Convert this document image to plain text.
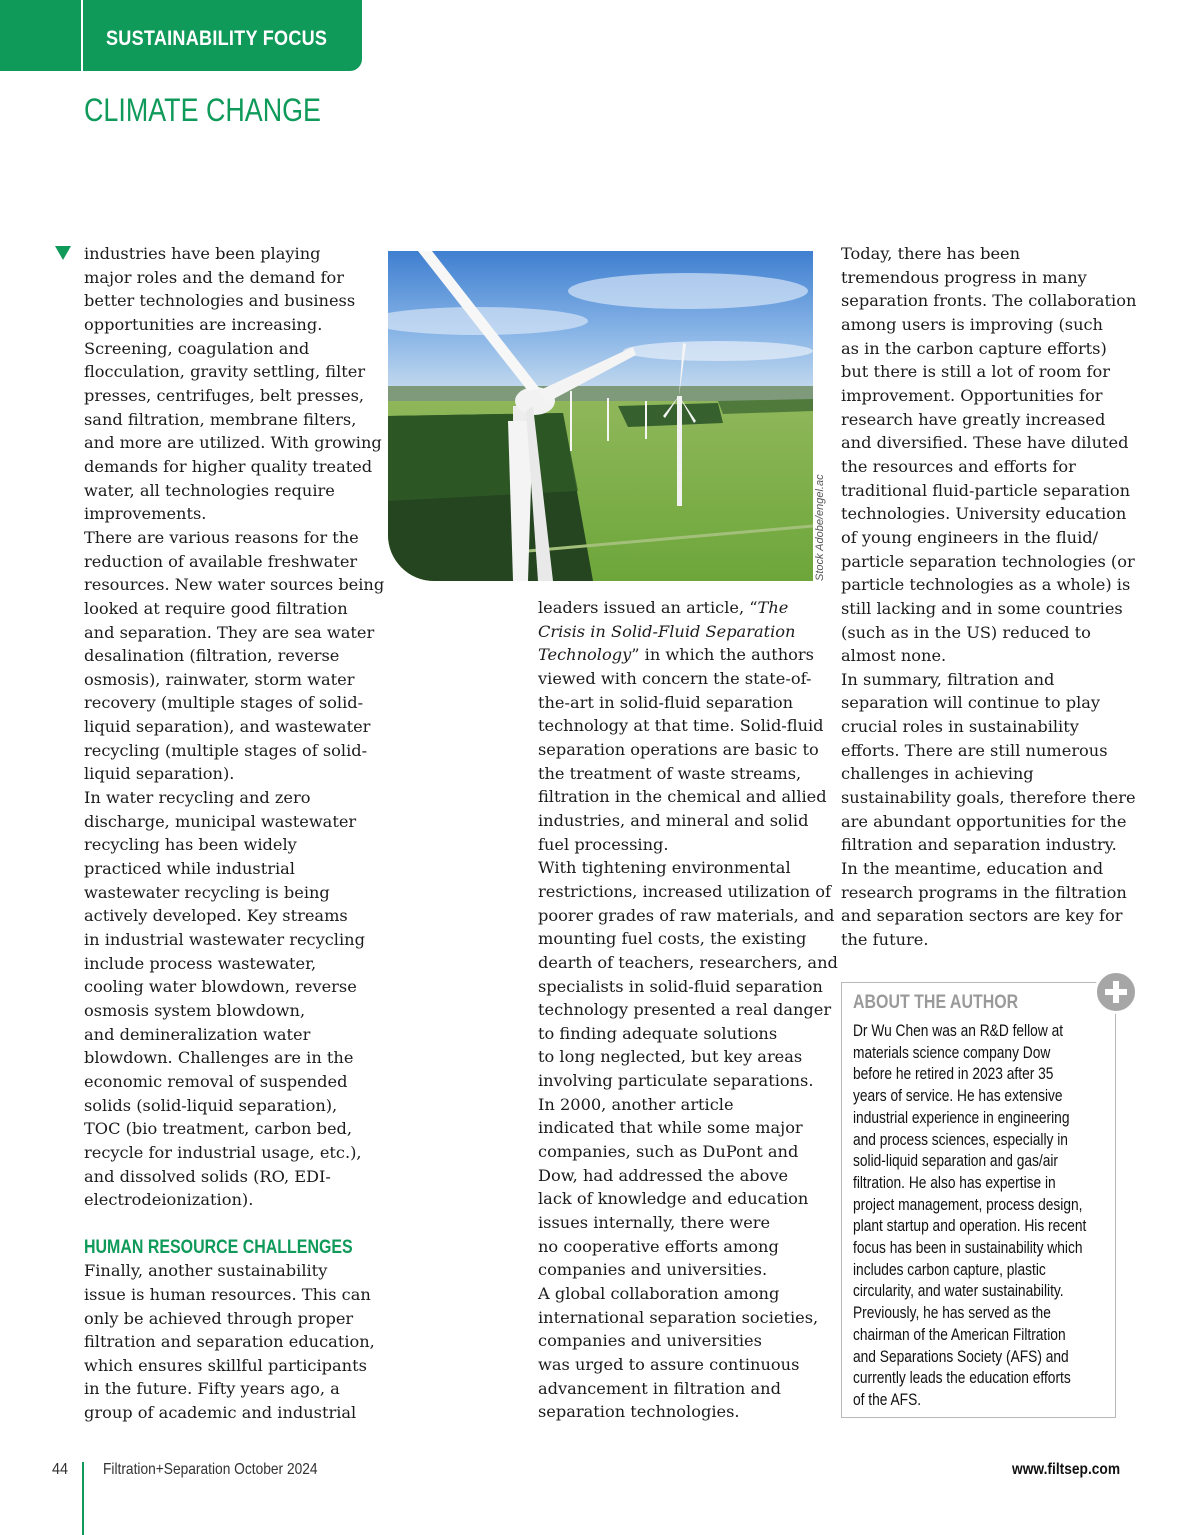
SUSTAINABILITY FOCUS
CLIMATE CHANGE
industries have been playing
major roles and the demand for
better technologies and business
opportunities are increasing.
Screening, coagulation and
flocculation, gravity settling, filter
presses, centrifuges, belt presses,
sand filtration, membrane filters,
and more are utilized. With growing
demands for higher quality treated
water, all technologies require
improvements.
There are various reasons for the
reduction of available freshwater
resources. New water sources being
looked at require good filtration
and separation. They are sea water
desalination (filtration, reverse
osmosis), rainwater, storm water
recovery (multiple stages of solid-
liquid separation), and wastewater
recycling (multiple stages of solid-
liquid separation).
In water recycling and zero
discharge, municipal wastewater
recycling has been widely
practiced while industrial
wastewater recycling is being
actively developed. Key streams
in industrial wastewater recycling
include process wastewater,
cooling water blowdown, reverse
osmosis system blowdown,
and demineralization water
blowdown. Challenges are in the
economic removal of suspended
solids (solid-liquid separation),
TOC (bio treatment, carbon bed,
recycle for industrial usage, etc.),
and dissolved solids (RO, EDI-
electrodeionization).
HUMAN RESOURCE CHALLENGES
Finally, another sustainability
issue is human resources. This can
only be achieved through proper
filtration and separation education,
which ensures skillful participants
in the future. Fifty years ago, a
group of academic and industrial
Stock Adobe/engel.ac
leaders issued an article, “The
Crisis in Solid-Fluid Separation
Technology” in which the authors
viewed with concern the state-of-
the-art in solid-fluid separation
technology at that time. Solid-fluid
separation operations are basic to
the treatment of waste streams,
filtration in the chemical and allied
industries, and mineral and solid
fuel processing.
With tightening environmental
restrictions, increased utilization of
poorer grades of raw materials, and
mounting fuel costs, the existing
dearth of teachers, researchers, and
specialists in solid-fluid separation
technology presented a real danger
to finding adequate solutions
to long neglected, but key areas
involving particulate separations.
In 2000, another article
indicated that while some major
companies, such as DuPont and
Dow, had addressed the above
lack of knowledge and education
issues internally, there were
no cooperative efforts among
companies and universities.
A global collaboration among
international separation societies,
companies and universities
was urged to assure continuous
advancement in filtration and
separation technologies.
Today, there has been
tremendous progress in many
separation fronts. The collaboration
among users is improving (such
as in the carbon capture efforts)
but there is still a lot of room for
improvement. Opportunities for
research have greatly increased
and diversified. These have diluted
the resources and efforts for
traditional fluid-particle separation
technologies. University education
of young engineers in the fluid/
particle separation technologies (or
particle technologies as a whole) is
still lacking and in some countries
(such as in the US) reduced to
almost none.
In summary, filtration and
separation will continue to play
crucial roles in sustainability
efforts. There are still numerous
challenges in achieving
sustainability goals, therefore there
are abundant opportunities for the
filtration and separation industry.
In the meantime, education and
research programs in the filtration
and separation sectors are key for
the future.
ABOUT THE AUTHOR
Dr Wu Chen was an R&D fellow at
materials science company Dow
before he retired in 2023 after 35
years of service. He has extensive
industrial experience in engineering
and process sciences, especially in
solid-liquid separation and gas/air
filtration. He also has expertise in
project management, process design,
plant startup and operation. His recent
focus has been in sustainability which
includes carbon capture, plastic
circularity, and water sustainability.
Previously, he has served as the
chairman of the American Filtration
and Separations Society (AFS) and
currently leads the education efforts
of the AFS.
44 Filtration+Separation October 2024	www.filtsep.com
